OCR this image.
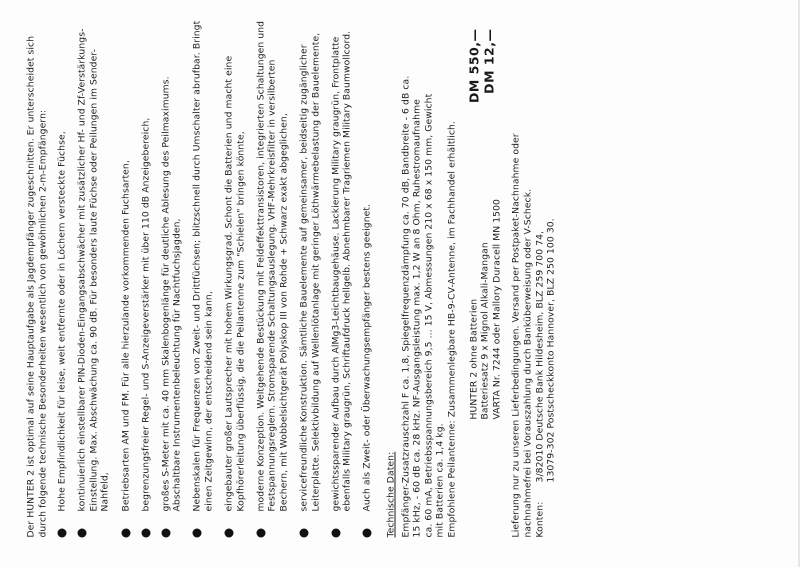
Der HUNTER 2 ist optimal auf seine Hauptaufgabe als Jagdempfänger zugeschnitten. Er unterscheidet sich durch folgende technische Besonderheiten wesentlich von gewöhnlichen 2-m-Empfängern: Hohe Empfindlichkeit für leise, weit entfernte oder in Löchern versteckte Füchse, kontinuierlich einstellbarer PIN-Dioden-Eingangsabschwächer mit zusätzlicher Hf- und Zf-Verstärkungs-Einstellung. Max. Abschwächung ca. 90 dB. Für besonders laute Füchse oder Peilungen im Sender-Nahfeld, Betriebsarten AM und FM. Für alle hierzulande vorkommenden Fuchsarten, begrenzungsfreier Regel- und S-Anzeigeverstärker mit über 110 dB Anzeigebereich, großes S-Meter mit ca. 40 mm Skalenbogenlänge für deutliche Ablesung des Peilmaximums. Abschaltbare Instrumentenbeleuchtung für Nachtfuchsjagden, Nebenskalen für Frequenzen von Zweit- und Drittfüchsen; blitzschnell durch Umschalter abrufbar. Bringt einen Zeitgewinn, der entscheidend sein kann, eingebauter großer Lautsprecher mit hohem Wirkungsgrad. Schont die Batterien und macht eine Kopfhörerleitung überflüssig, die die Peilantenne zum "Schielen" bringen könnte, moderne Konzeption. Weitgehende Bestückung mit Feldeffekttransistoren, integrierten Schaltungen und Festspannungsreglern. Stromsparende Schaltungsauslegung. VHF-Mehrkreisfilter in versilberten Bechern, mit Wobbelsichtgerät Polyskop III von Rohde + Schwarz exakt abgeglichen, servicefreundliche Konstruktion. Sämtliche Bauelemente auf gemeinsamer, beidseitig zugänglicher Leiterplatte. Selektivbildung auf Wellenlötanlage mit geringer Löthwärmebelastung der Bauelemente, gewichtssparender Aufbau durch AlMg3-Leichtbaugehäuse. Lackierung Military graugrün, Frontplatte ebenfalls Military graugrün, Schriftaufdruck hellgelb. Abnehmbarer Tragriemen Military Baumwollcord. Auch als Zweit- oder Überwachungsempfänger bestens geeignet. Technische Daten: Empfänger-Zusatzrauschzahl F ca. 1,8, Spiegelfrequenzdämpfung ca. 70 dB, Bandbreite - 6 dB ca. 15 kHz, - 60 dB ca. 28 kHz. NF-Ausgangsleistung max. 1,2 W an 8 Ohm, Ruhestromaufnahme ca. 60 mA, Betriebsspannungsbereich 9,5 ... 15 V, Abmessungen 210 x 68 x 150 mm, Gewicht mit Batterien ca. 1,4 kg. Empfohlene Peilantenne: Zusammenlegbare HB-9-CV-Antenne, im Fachhandel erhältlich. HUNTER 2 ohne Batterien Batteriesatz 9 x Mignol Alkali-Mangan VARTA Nr. 7244 oder Mallory Duracell MN 1500

DM 550,— DM 12,—

Lieferung nur zu unseren Lieferbedingungen. Versand per Postpaket-Nachnahme oder nachnahmefrei bei Vorauszahlung durch Banküberweisung oder V-Scheck. Konten:

3/82010 Deutsche Bank Hildesheim, BLZ 259 700 74, 13079-302 Postscheckkonto Hannover, BLZ 250 100 30.
